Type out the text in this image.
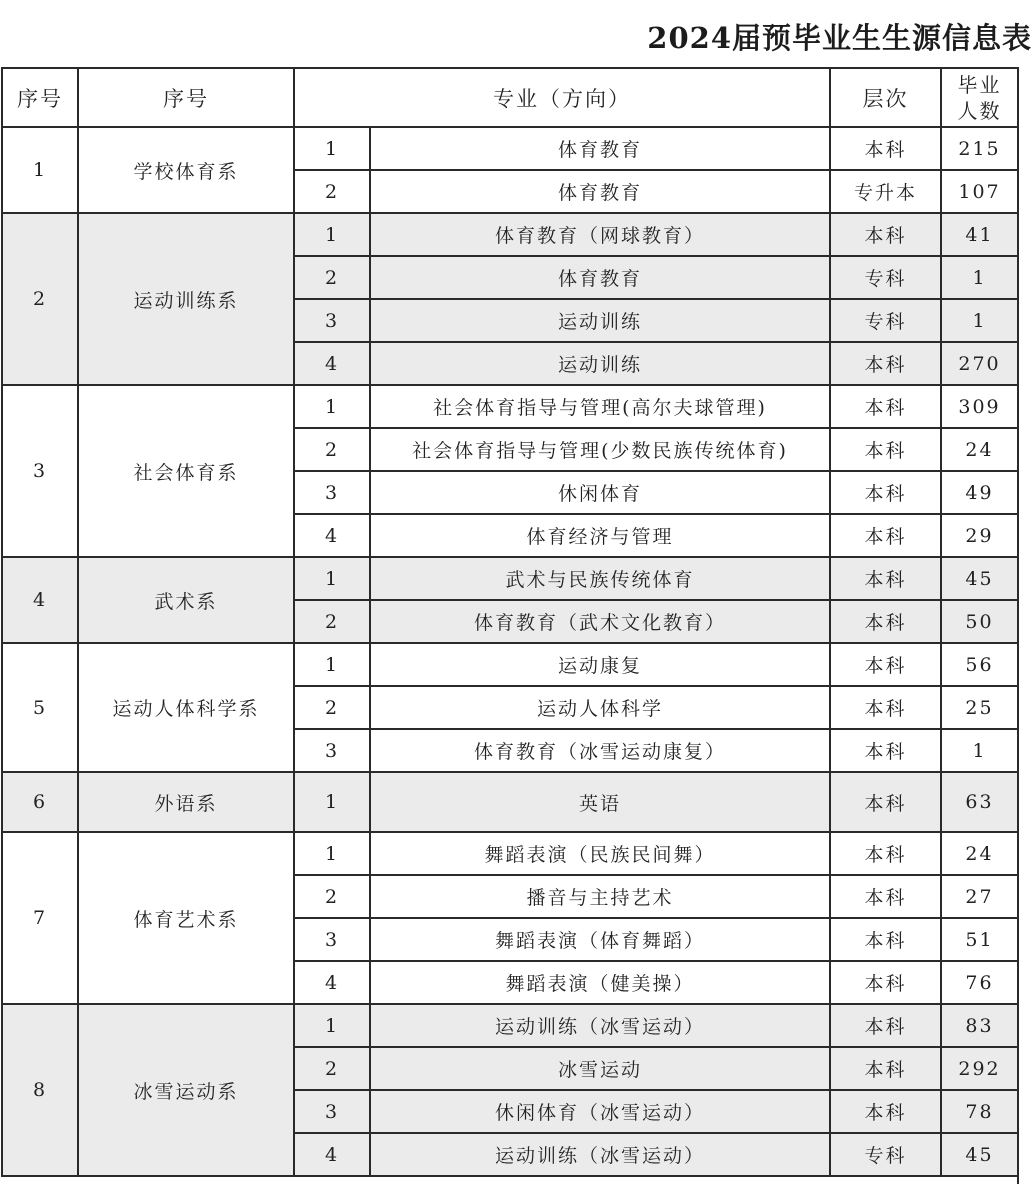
2024届预毕业生生源信息表
序号	序号	专业（方向）		层次	毕业
人数

1	学校体育系	1	体育教育	本科	215
		2	体育教育	专升本	107
2	运动训练系	1	体育教育（网球教育）	本科	41
		2	体育教育	专科	1
		3	运动训练	专科	1
		4	运动训练	本科	270
3	社会体育系	1	社会体育指导与管理(高尔夫球管理)	本科	309
		2	社会体育指导与管理(少数民族传统体育)	本科	24
		3	休闲体育	本科	49
		4	体育经济与管理	本科	29
4	武术系	1	武术与民族传统体育	本科	45
		2	体育教育（武术文化教育）	本科	50
5	运动人体科学系	1	运动康复	本科	56
		2	运动人体科学	本科	25
		3	体育教育（冰雪运动康复）	本科	1
6	外语系	1	英语	本科	63
7	体育艺术系	1	舞蹈表演（民族民间舞）	本科	24
		2	播音与主持艺术	本科	27
		3	舞蹈表演（体育舞蹈）	本科	51
		4	舞蹈表演（健美操）	本科	76
8	冰雪运动系	1	运动训练（冰雪运动）	本科	83
		2	冰雪运动	本科	292
		3	休闲体育（冰雪运动）	本科	78
		4	运动训练（冰雪运动）	专科	45
